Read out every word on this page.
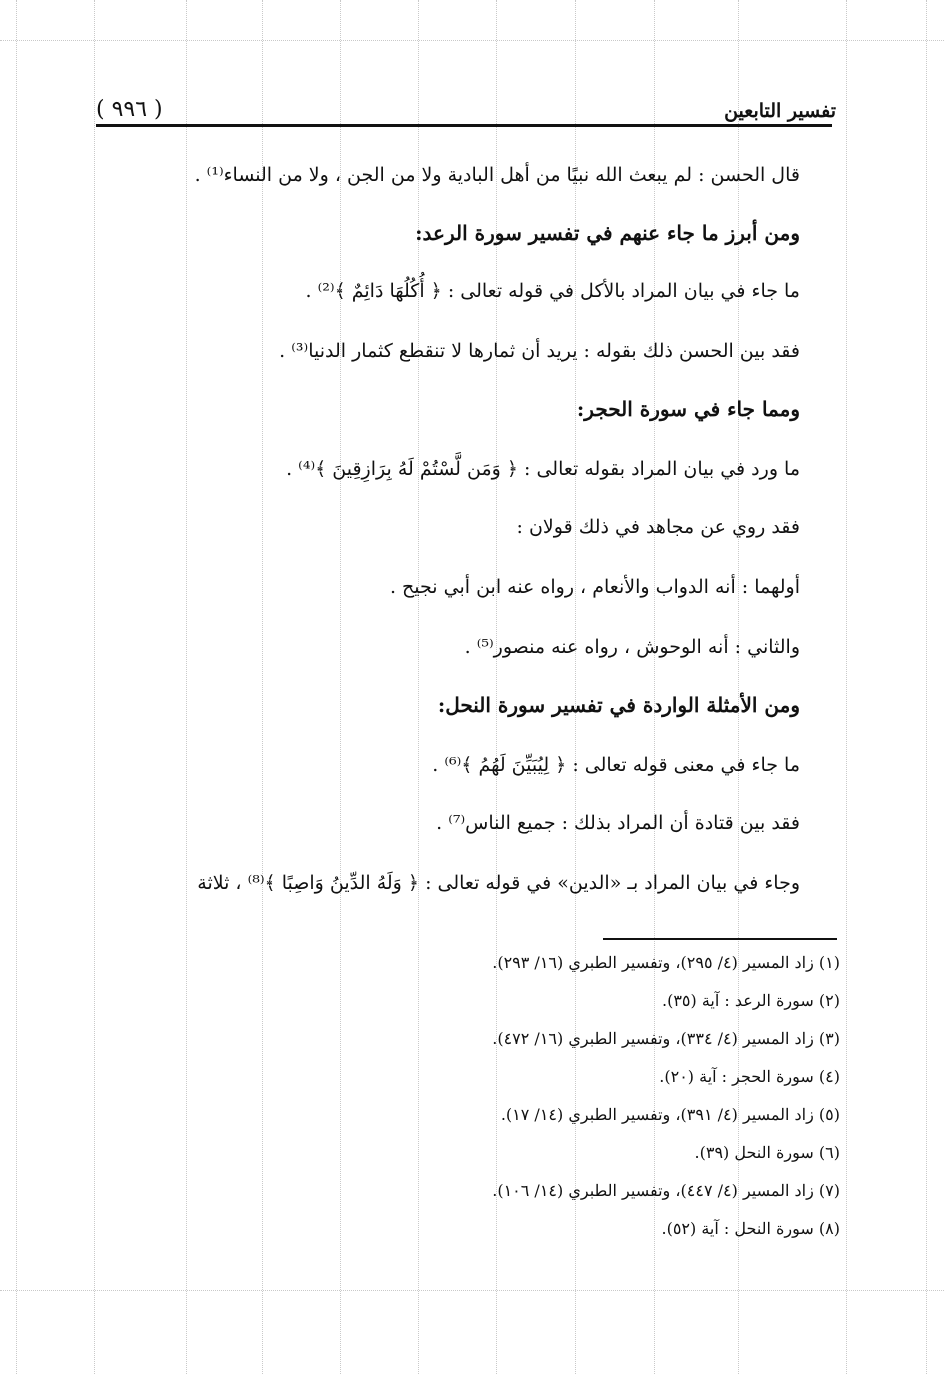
( ٩٩٦ )	تفسير التابعين
قال الحسن : لم يبعث الله نبيًا من أهل البادية ولا من الجن ، ولا من النساء⁽¹⁾ .
ومن أبرز ما جاء عنهم في تفسير سورة الرعد:
ما جاء في بيان المراد بالأكل في قوله تعالى : ﴿ أُكُلُهَا دَائِمٌ ﴾⁽²⁾ .
فقد بين الحسن ذلك بقوله : يريد أن ثمارها لا تنقطع كثمار الدنيا⁽³⁾ .
ومما جاء في سورة الحجر:
ما ورد في بيان المراد بقوله تعالى : ﴿ وَمَن لَّسْتُمْ لَهُ بِرَازِقِينَ ﴾⁽⁴⁾ .
فقد روي عن مجاهد في ذلك قولان :
أولهما : أنه الدواب والأنعام ، رواه عنه ابن أبي نجيح .
والثاني : أنه الوحوش ، رواه عنه منصور⁽⁵⁾ .
ومن الأمثلة الواردة في تفسير سورة النحل:
ما جاء في معنى قوله تعالى : ﴿ لِيُبَيِّنَ لَهُمُ ﴾⁽⁶⁾ .
فقد بين قتادة أن المراد بذلك : جميع الناس⁽⁷⁾ .
وجاء في بيان المراد بـ «الدين» في قوله تعالى : ﴿ وَلَهُ الدِّينُ وَاصِبًا ﴾⁽⁸⁾ ، ثلاثة
(١) زاد المسير (٤/ ٢٩٥)، وتفسير الطبري (١٦/ ٢٩٣).
(٢) سورة الرعد : آية (٣٥).
(٣) زاد المسير (٤/ ٣٣٤)، وتفسير الطبري (١٦/ ٤٧٢).
(٤) سورة الحجر : آية (٢٠).
(٥) زاد المسير (٤/ ٣٩١)، وتفسير الطبري (١٤/ ١٧).
(٦) سورة النحل (٣٩).
(٧) زاد المسير (٤/ ٤٤٧)، وتفسير الطبري (١٤/ ١٠٦).
(٨) سورة النحل : آية (٥٢).
